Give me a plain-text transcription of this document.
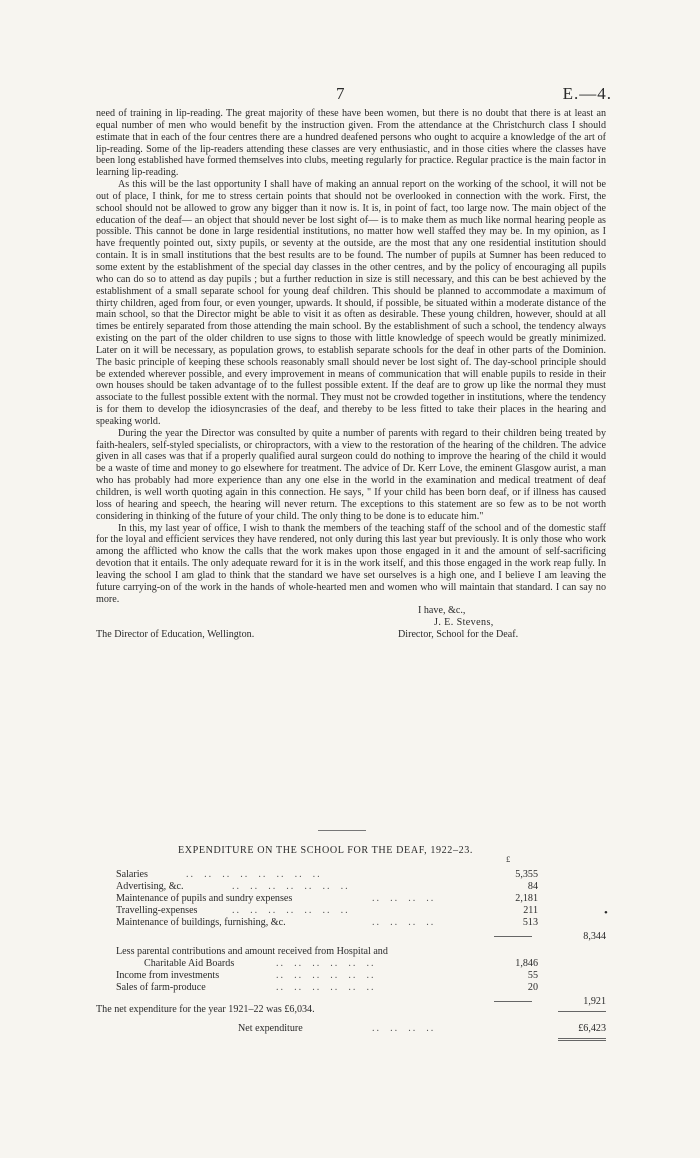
7	E.—4.

need of training in lip-reading. The great majority of these have been women, but there is no doubt that there is at least an equal number of men who would benefit by the instruction given. From the attendance at the Christchurch class I should estimate that in each of the four centres there are a hundred deafened persons who ought to acquire a knowledge of the art of lip-reading. Some of the lip-readers attending these classes are very enthusiastic, and in those cities where the classes have been long established have formed themselves into clubs, meeting regularly for practice. Regular practice is the main factor in learning lip-reading.

As this will be the last opportunity I shall have of making an annual report on the working of the school, it will not be out of place, I think, for me to stress certain points that should not be overlooked in connection with the work. First, the school should not be allowed to grow any bigger than it now is. It is, in point of fact, too large now. The main object of the education of the deaf— an object that should never be lost sight of— is to make them as much like normal hearing people as possible. This cannot be done in large residential institutions, no matter how well staffed they may be. In my opinion, as I have frequently pointed out, sixty pupils, or seventy at the outside, are the most that any one residential institution should contain. It is in small institutions that the best results are to be found. The number of pupils at Sumner has been reduced to some extent by the establishment of the special day classes in the other centres, and by the policy of encouraging all pupils who can do so to attend as day pupils ; but a further reduction in size is still necessary, and this can be best achieved by the establishment of a small separate school for young deaf children. This should be planned to accommodate a maximum of thirty children, aged from four, or even younger, upwards. It should, if possible, be situated within a moderate distance of the main school, so that the Director might be able to visit it as often as desirable. These young children, however, should at all times be entirely separated from those attending the main school. By the establishment of such a school, the tendency always existing on the part of the older children to use signs to those with little knowledge of speech would be greatly minimized. Later on it will be necessary, as population grows, to establish separate schools for the deaf in other parts of the Dominion. The basic principle of keeping these schools reasonably small should never be lost sight of. The day-school principle should be extended wherever possible, and every improvement in means of communication that will enable pupils to reside in their own houses should be taken advantage of to the fullest possible extent. If the deaf are to grow up like the normal they must associate to the fullest possible extent with the normal. They must not be crowded together in institutions, where the tendency is for them to develop the idiosyncrasies of the deaf, and thereby to be less fitted to take their places in the hearing and speaking world.

During the year the Director was consulted by quite a number of parents with regard to their children being treated by faith-healers, self-styled specialists, or chiropractors, with a view to the restoration of the hearing of the children. The advice given in all cases was that if a properly qualified aural surgeon could do nothing to improve the hearing of the child it would be a waste of time and money to go elsewhere for treatment. The advice of Dr. Kerr Love, the eminent Glasgow aurist, a man who has probably had more experience than any one else in the world in the examination and medical treatment of deaf children, is well worth quoting again in this connection. He says, " If your child has been born deaf, or if illness has caused loss of hearing and speech, the hearing will never return. The exceptions to this statement are so few as to be not worth considering in thinking of the future of your child. The only thing to be done is to educate him."

In this, my last year of office, I wish to thank the members of the teaching staff of the school and of the domestic staff for the loyal and efficient services they have rendered, not only during this last year but previously. It is only those who work among the afflicted who know the calls that the work makes upon those engaged in it and the amount of self-sacrificing devotion that it entails. The only adequate reward for it is in the work itself, and this those engaged in the work reap fully. In leaving the school I am glad to think that the standard we have set ourselves is a high one, and I believe I am leaving the future carrying-on of the work in the hands of whole-hearted men and women who will maintain that standard. I can say no more.

I have, &c.,
J. E. Stevens,
The Director of Education, Wellington.	Director, School for the Deaf.
EXPENDITURE ON THE SCHOOL FOR THE DEAF, 1922–23.
£
Salaries	..  ..  ..  ..  ..  ..  ..  ..	5,355
Advertising, &c.	..  ..  ..  ..  ..  ..  ..	84
Maintenance of pupils and sundry expenses	..  ..  ..  ..	2,181
Travelling-expenses	..  ..  ..  ..  ..  ..  ..	211
Maintenance of buildings, furnishing, &c.	..  ..  ..  ..	513
8,344
Less parental contributions and amount received from Hospital and
Charitable Aid Boards	..  ..  ..  ..  ..  ..	1,846
Income from investments	..  ..  ..  ..  ..  ..	55
Sales of farm-produce	..  ..  ..  ..  ..  ..	20
1,921
Net expenditure	..  ..  ..  ..	£6,423
•
The net expenditure for the year 1921–22 was £6,034.
